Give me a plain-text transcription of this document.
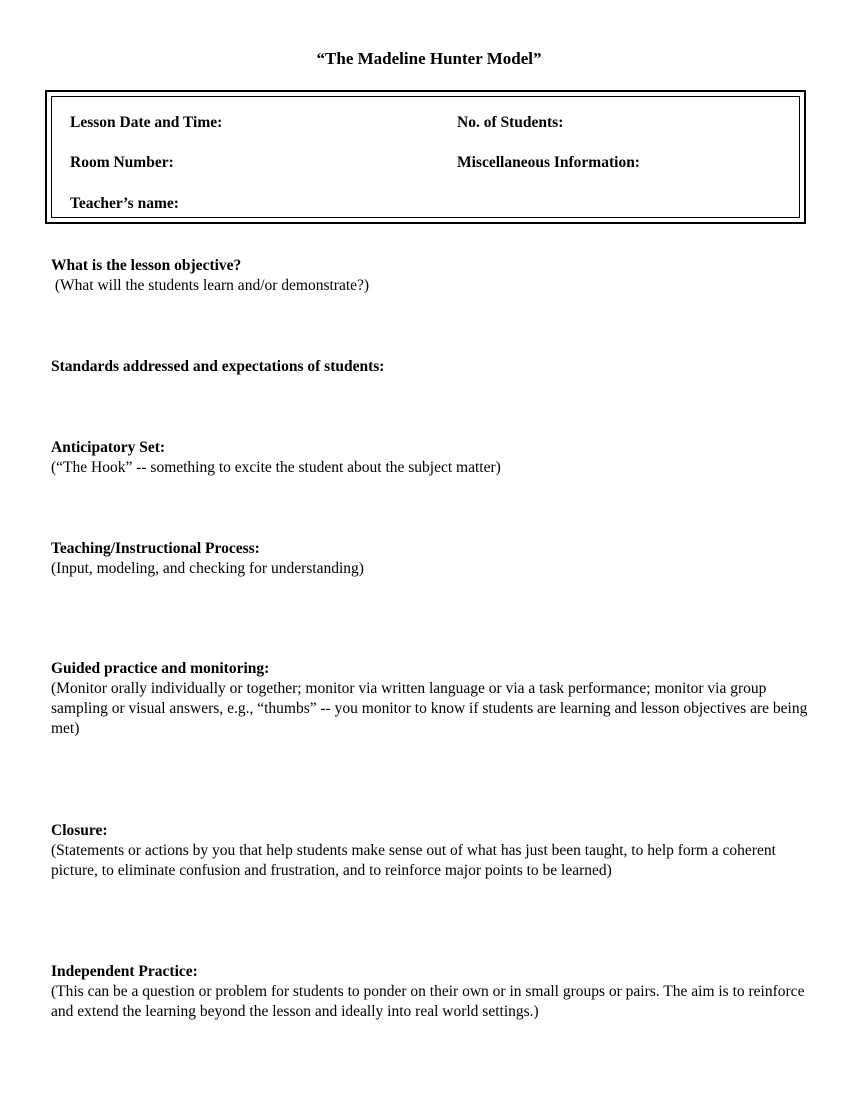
“The Madeline Hunter Model”
Lesson Date and Time:	No. of Students:
Room Number:	Miscellaneous Information:
Teacher’s name:
What is the lesson objective?
(What will the students learn and/or demonstrate?)
Standards addressed and expectations of students:
Anticipatory Set:
(“The Hook” -- something to excite the student about the subject matter)
Teaching/Instructional Process:
(Input, modeling, and checking for understanding)
Guided practice and monitoring:
(Monitor orally individually or together; monitor via written language or via a task performance; monitor via group sampling or visual answers, e.g., “thumbs” -- you monitor to know if students are learning and lesson objectives are being met)
Closure:
(Statements or actions by you that help students make sense out of what has just been taught, to help form a coherent picture, to eliminate confusion and frustration, and to reinforce major points to be learned)
Independent Practice:
(This can be a question or problem for students to ponder on their own or in small groups or pairs. The aim is to reinforce and extend the learning beyond the lesson and ideally into real world settings.)
